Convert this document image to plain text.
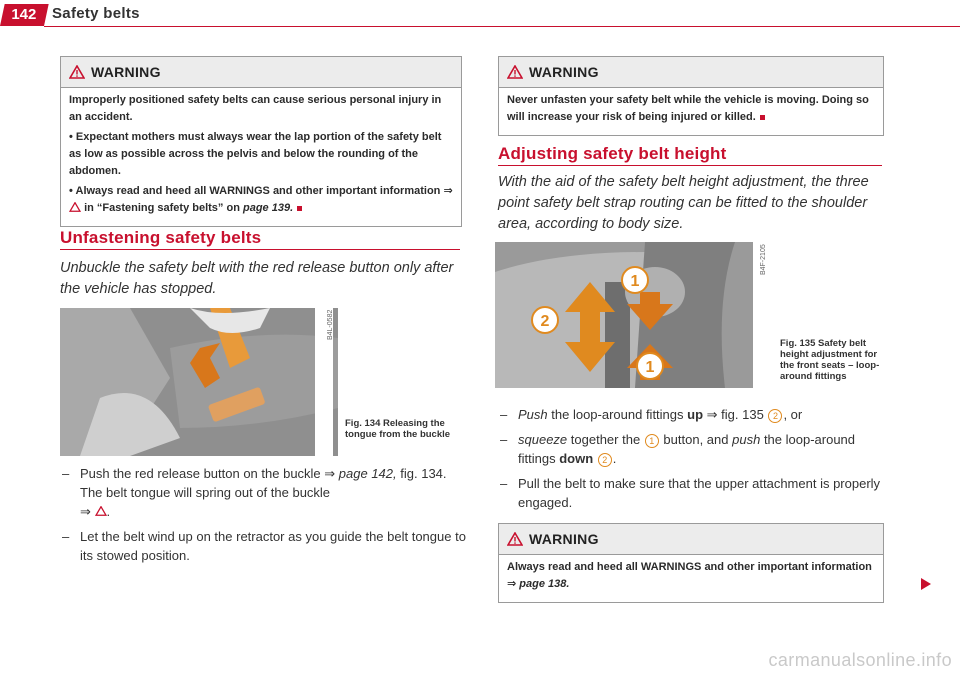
142	Safety belts
WARNING

Improperly positioned safety belts can cause serious personal injury in an accident.

• Expectant mothers must always wear the lap portion of the safety belt as low as possible across the pelvis and below the rounding of the abdomen.

• Always read and heed all WARNINGS and other important information ⇒  in “Fastening safety belts” on page 139.

Unfastening safety belts
Unbuckle the safety belt with the red release button only after the vehicle has stopped.
B4L-0582
Fig. 134 Releasing the tongue from the buckle
– Push the red release button on the buckle ⇒ page 142, fig. 134. The belt tongue will spring out of the buckle
⇒ .
– Let the belt wind up on the retractor as you guide the belt tongue to its stowed position.
WARNING

Never unfasten your safety belt while the vehicle is moving. Doing so will increase your risk of being injured or killed.

Adjusting safety belt height
With the aid of the safety belt height adjustment, the three point safety belt strap routing can be fitted to the shoulder area, according to body size.
1
2
1
B4F-2105
Fig. 135 Safety belt height adjustment for the front seats – loop-around fittings
– Push the loop-around fittings up ⇒ fig. 135 2 , or
– squeeze together the 1 button, and push the loop-around fittings down 2 .
– Pull the belt to make sure that the upper attachment is properly engaged.
WARNING

Always read and heed all WARNINGS and other important information ⇒ page 138.

carmanualsonline.info
